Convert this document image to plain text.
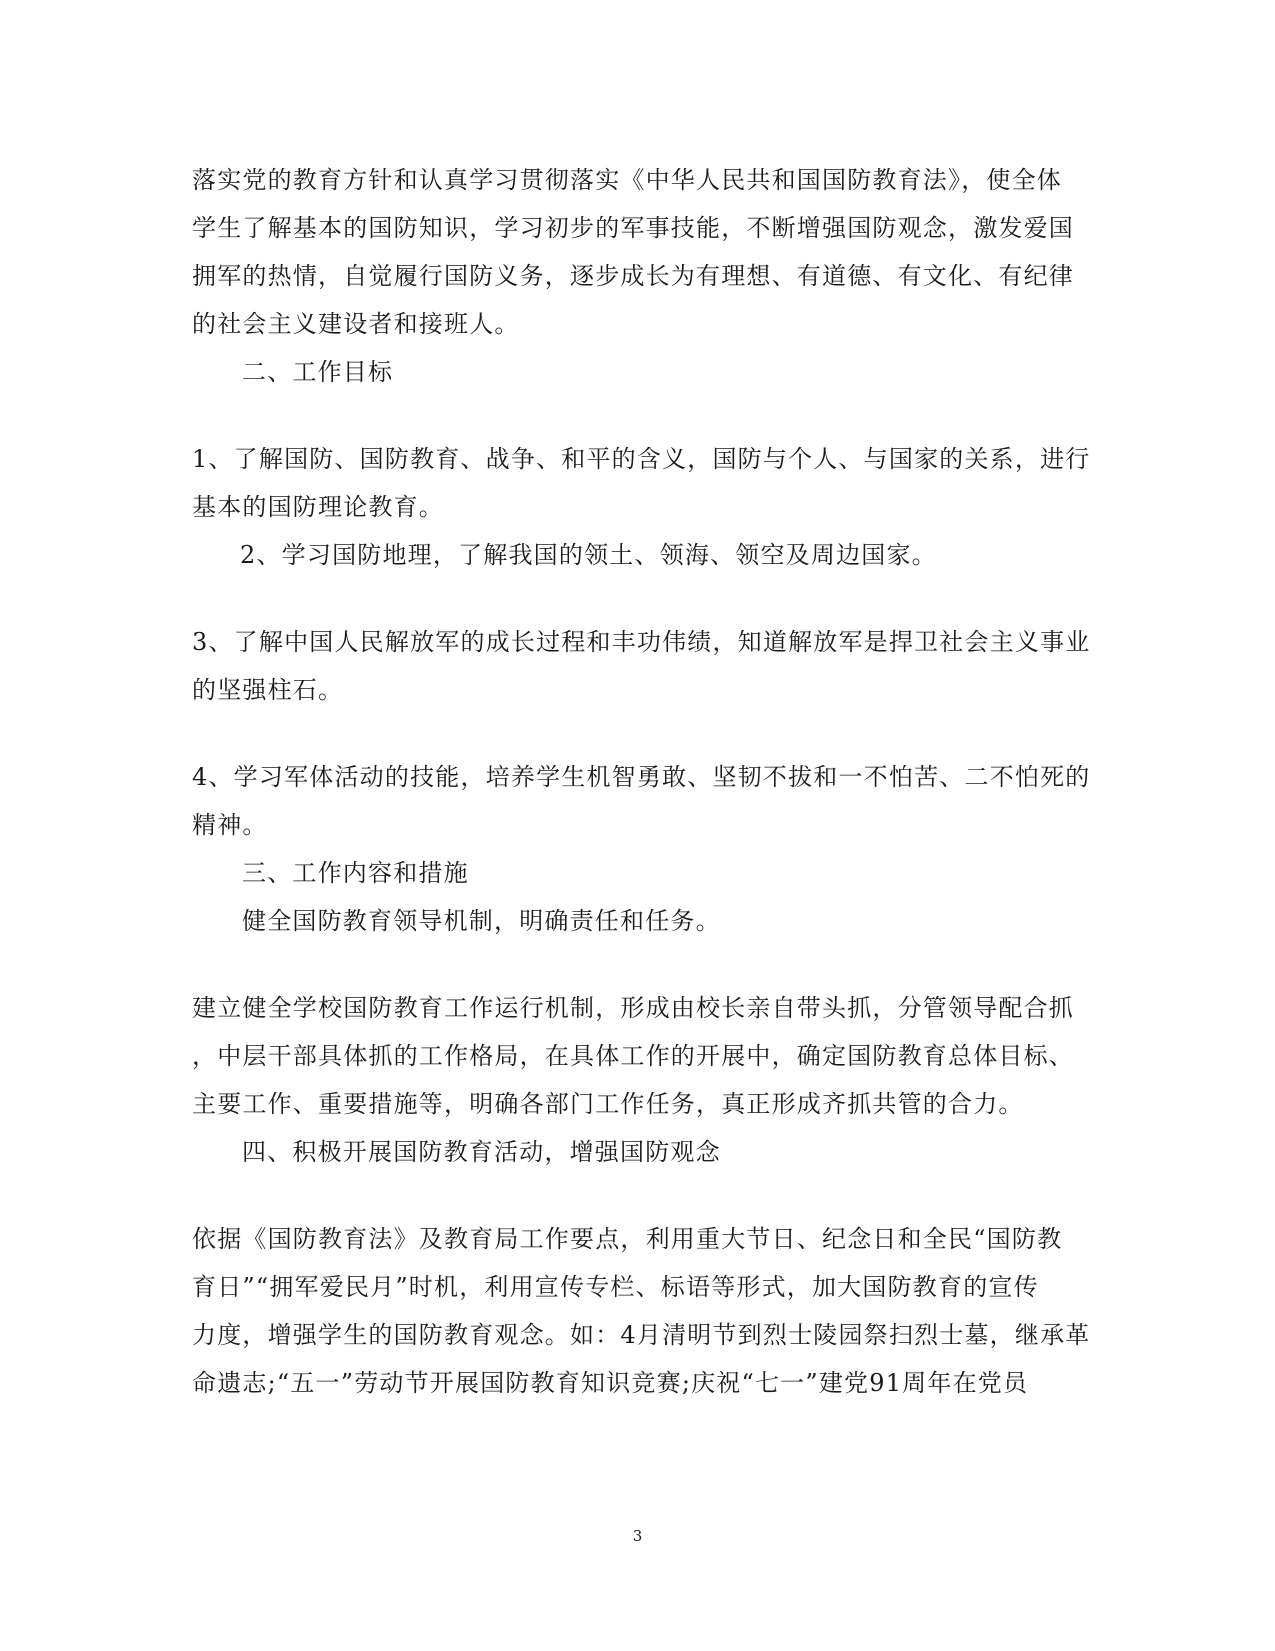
落实党的教育方针和认真学习贯彻落实《中华人民共和国国防教育法》，使全体
学生了解基本的国防知识，学习初步的军事技能，不断增强国防观念，激发爱国
拥军的热情，自觉履行国防义务，逐步成长为有理想、有道德、有文化、有纪律
的社会主义建设者和接班人。
二、工作目标
1、了解国防、国防教育、战争、和平的含义，国防与个人、与国家的关系，进行
基本的国防理论教育。
2、学习国防地理，了解我国的领土、领海、领空及周边国家。
3、了解中国人民解放军的成长过程和丰功伟绩，知道解放军是捍卫社会主义事业
的坚强柱石。
4、学习军体活动的技能，培养学生机智勇敢、坚韧不拔和一不怕苦、二不怕死的
精神。
三、工作内容和措施
健全国防教育领导机制，明确责任和任务。
建立健全学校国防教育工作运行机制，形成由校长亲自带头抓，分管领导配合抓
，中层干部具体抓的工作格局，在具体工作的开展中，确定国防教育总体目标、
主要工作、重要措施等，明确各部门工作任务，真正形成齐抓共管的合力。
四、积极开展国防教育活动，增强国防观念
依据《国防教育法》及教育局工作要点，利用重大节日、纪念日和全民“国防教
育日”“拥军爱民月”时机，利用宣传专栏、标语等形式，加大国防教育的宣传
力度，增强学生的国防教育观念。如：4月清明节到烈士陵园祭扫烈士墓，继承革
命遗志;“五一”劳动节开展国防教育知识竞赛;庆祝“七一”建党91周年在党员
3
